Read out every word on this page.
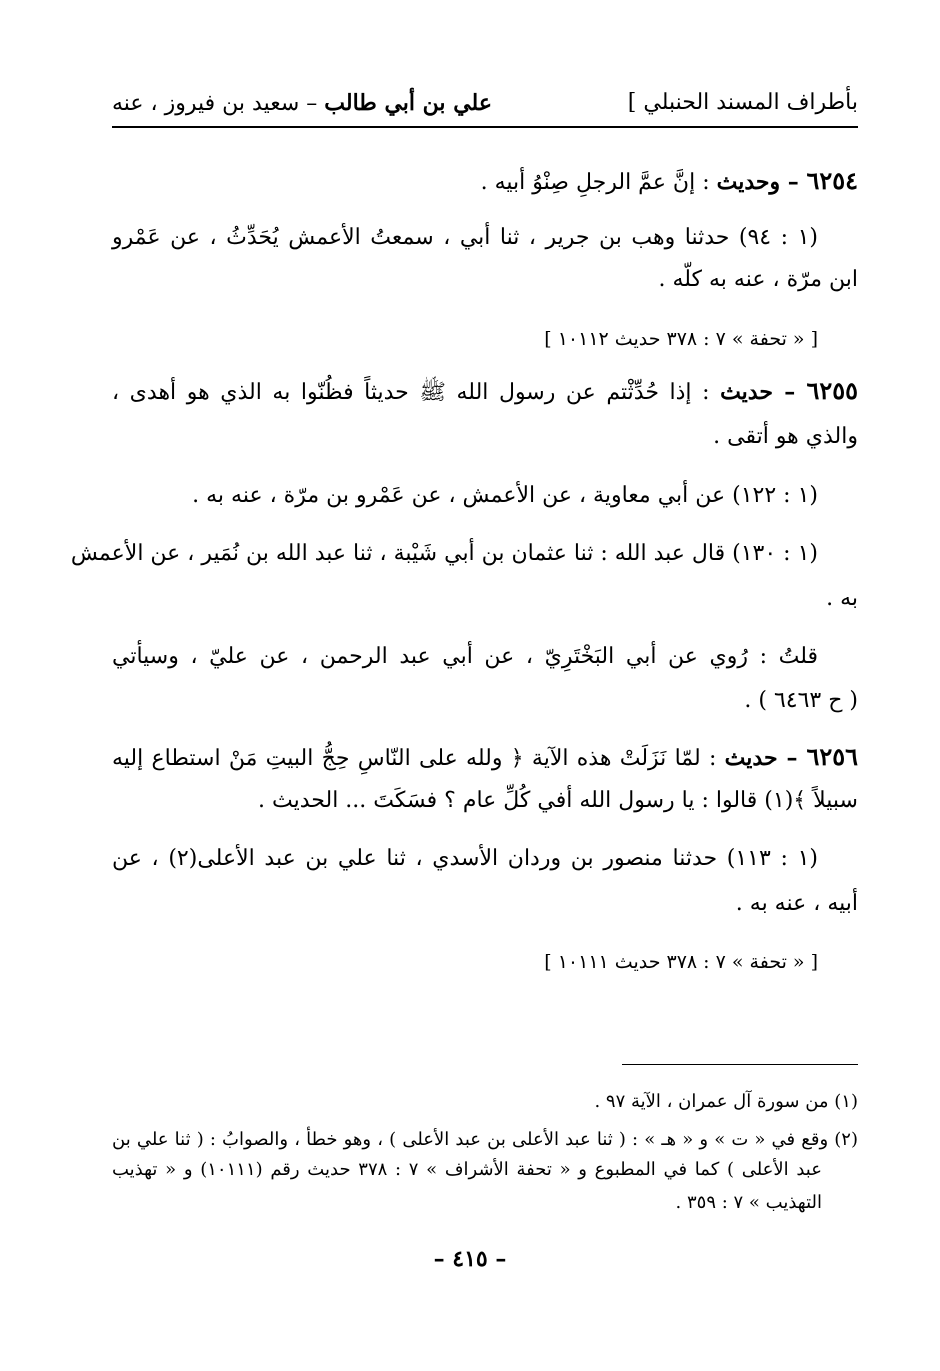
بأطراف المسند الحنبلي ]
علي بن أبي طالب – سعيد بن فيروز ، عنه
٦٢٥٤ – وحديث : إنَّ عمَّ الرجلِ صِنْوُ أبيه .
(١ : ٩٤) حدثنا وهب بن جرير ، ثنا أبي ، سمعتُ الأعمش يُحَدِّثُ ، عن عَمْرو
ابن مرّة ، عنه به كلّه .
[ « تحفة » ٧ : ٣٧٨ حديث ١٠١١٢ ]
٦٢٥٥ – حديث : إذا حُدِّثْتم عن رسول الله ﷺ حديثاً فظُنّوا به الذي هو أهدى ،
والذي هو أتقى .
(١ : ١٢٢) عن أبي معاوية ، عن الأعمش ، عن عَمْرو بن مرّة ، عنه به .
(١ : ١٣٠) قال عبد الله : ثنا عثمان بن أبي شَيْبة ، ثنا عبد الله بن نُمَير ، عن الأعمش
به .
قلتُ : رُوي عن أبي البَخْتَرِيّ ، عن أبي عبد الرحمن ، عن عليّ ، وسيأتي
( ح ٦٤٦٣ ) .
٦٢٥٦ – حديث : لمّا نَزَلَتْ هذه الآية ﴿ ولله على النّاسِ حِجُّ البيتِ مَنْ استطاع إليه
سبيلاً ﴾(١) قالوا : يا رسول الله أفي كُلِّ عام ؟ فسَكَتَ ... الحديث .
(١ : ١١٣) حدثنا منصور بن وردان الأسدي ، ثنا علي بن عبد الأعلى(٢) ، عن
أبيه ، عنه به .
[ « تحفة » ٧ : ٣٧٨ حديث ١٠١١١ ]
(١) من سورة آل عمران ، الآية ٩٧ .
(٢) وقع في « ت » و « هـ » : ( ثنا عبد الأعلى بن عبد الأعلى ) ، وهو خطأ ، والصوابُ : ( ثنا علي بن
عبد الأعلى ) كما في المطبوع و « تحفة الأشراف » ٧ : ٣٧٨ حديث رقم (١٠١١١) و « تهذيب
التهذيب » ٧ : ٣٥٩ .
– ٤١٥ –
